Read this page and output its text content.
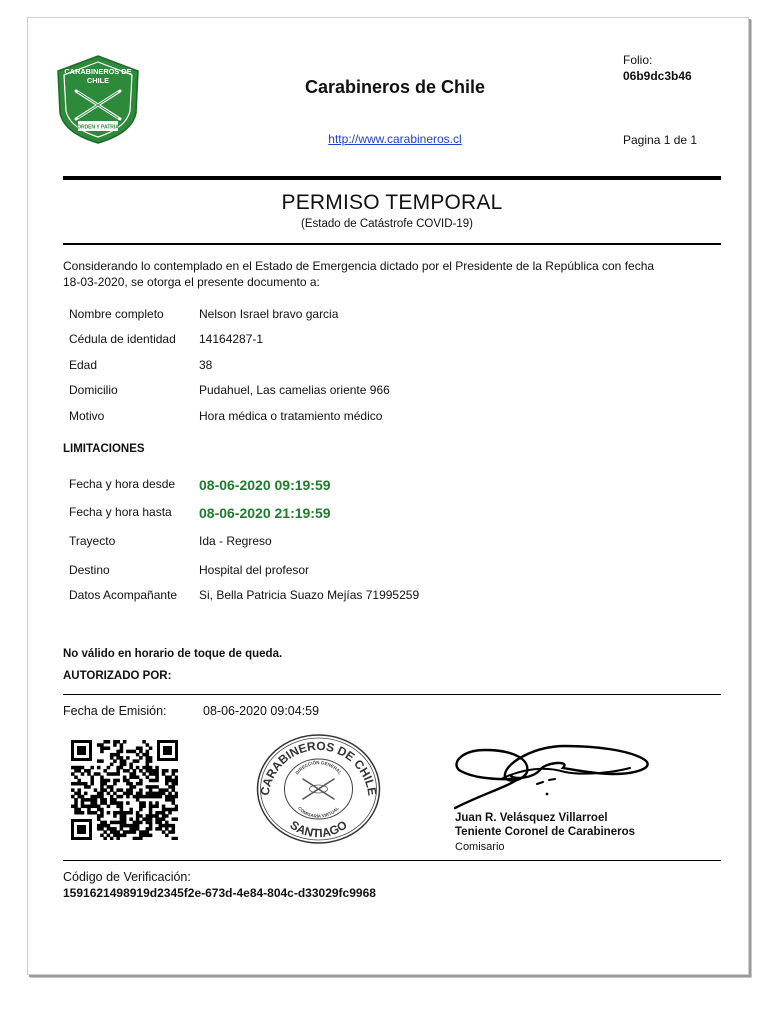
CARABINEROS DE
CHILE
ORDEN Y PATRIA
Carabineros de Chile
http://www.carabineros.cl
Folio:
06b9dc3b46
Pagina 1 de 1
PERMISO TEMPORAL
(Estado de Catástrofe COVID-19)
Considerando lo contemplado en el Estado de Emergencia dictado por el Presidente de la República con fecha
18-03-2020, se otorga el presente documento a:
Nombre completo	Nelson Israel bravo garcia
Cédula de identidad 14164287-1
Edad	38
Domicilio	Pudahuel, Las camelias oriente 966
Motivo	Hora médica o tratamiento médico
LIMITACIONES
Fecha y hora desde 08-06-2020 09:19:59
Fecha y hora hasta 08-06-2020 21:19:59
Trayecto	Ida - Regreso
Destino	Hospital del profesor
Datos Acompañante Si, Bella Patricia Suazo Mejías 71995259
No válido en horario de toque de queda.
AUTORIZADO POR:
Fecha de Emisión:	08-06-2020 09:04:59
CARABINEROS DE CHILE
SANTIAGO
DIRECCIÓN GENERAL
COMISARÍA VIRTUAL
Juan R. Velásquez Villarroel
Teniente Coronel de Carabineros
Comisario
Código de Verificación:
1591621498919d2345f2e-673d-4e84-804c-d33029fc9968
